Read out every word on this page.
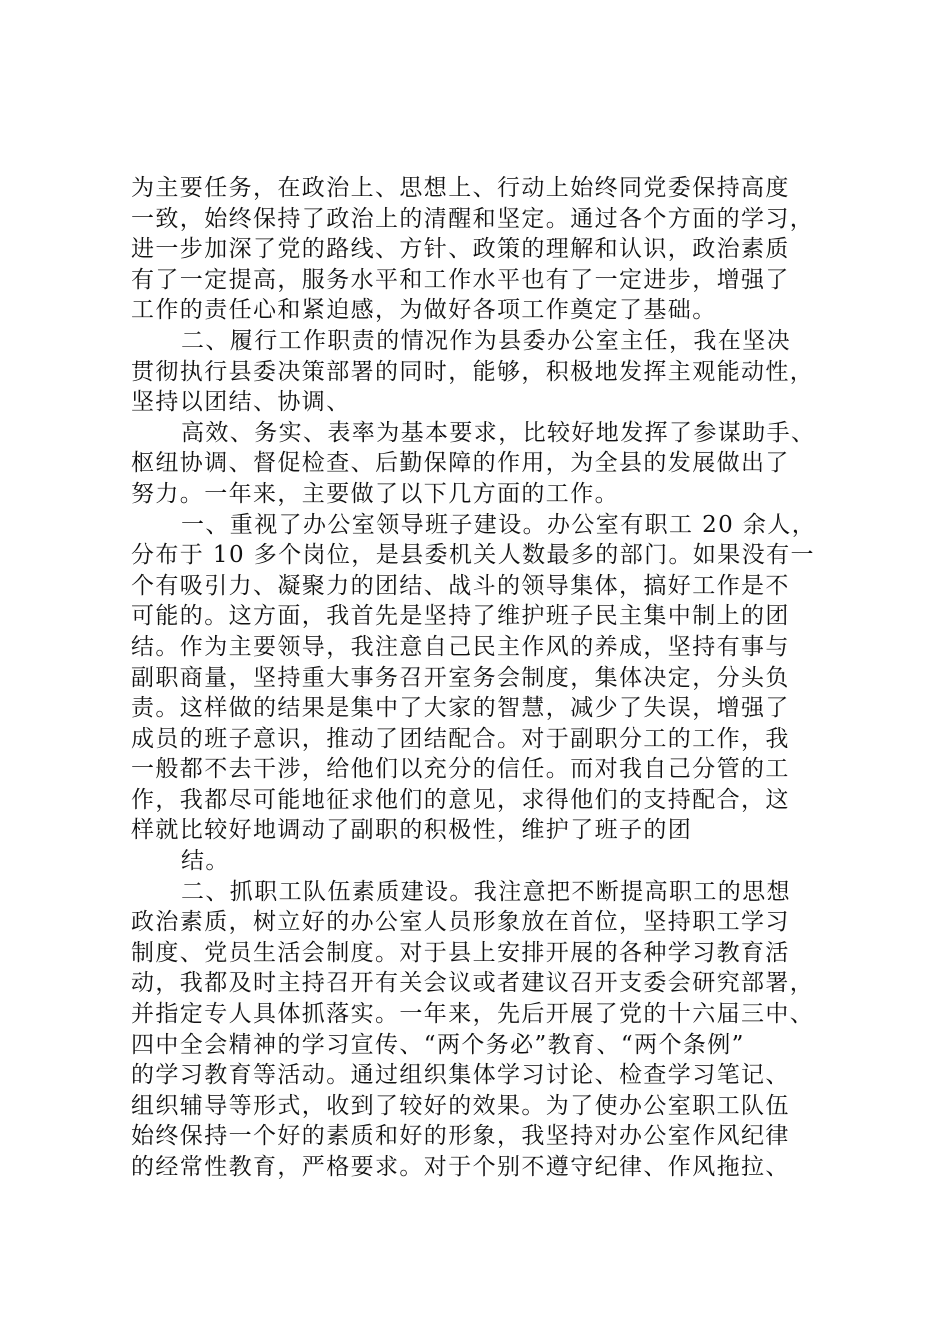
为主要任务，在政治上、思想上、行动上始终同党委保持高度
一致，始终保持了政治上的清醒和坚定。通过各个方面的学习，
进一步加深了党的路线、方针、政策的理解和认识，政治素质
有了一定提高，服务水平和工作水平也有了一定进步，增强了
工作的责任心和紧迫感，为做好各项工作奠定了基础。
二、履行工作职责的情况作为县委办公室主任，我在坚决
贯彻执行县委决策部署的同时，能够，积极地发挥主观能动性，
坚持以团结、协调、
高效、务实、表率为基本要求，比较好地发挥了参谋助手、
枢纽协调、督促检查、后勤保障的作用，为全县的发展做出了
努力。一年来，主要做了以下几方面的工作。
一、重视了办公室领导班子建设。办公室有职工 20 余人，
分布于 10 多个岗位，是县委机关人数最多的部门。如果没有一
个有吸引力、凝聚力的团结、战斗的领导集体，搞好工作是不
可能的。这方面，我首先是坚持了维护班子民主集中制上的团
结。作为主要领导，我注意自己民主作风的养成，坚持有事与
副职商量，坚持重大事务召开室务会制度，集体决定，分头负
责。这样做的结果是集中了大家的智慧，减少了失误，增强了
成员的班子意识，推动了团结配合。对于副职分工的工作，我
一般都不去干涉，给他们以充分的信任。而对我自己分管的工
作，我都尽可能地征求他们的意见，求得他们的支持配合，这
样就比较好地调动了副职的积极性，维护了班子的团
结。
二、抓职工队伍素质建设。我注意把不断提高职工的思想
政治素质，树立好的办公室人员形象放在首位，坚持职工学习
制度、党员生活会制度。对于县上安排开展的各种学习教育活
动，我都及时主持召开有关会议或者建议召开支委会研究部署，
并指定专人具体抓落实。一年来，先后开展了党的十六届三中、
四中全会精神的学习宣传、“两个务必”教育、“两个条例”
的学习教育等活动。通过组织集体学习讨论、检查学习笔记、
组织辅导等形式，收到了较好的效果。为了使办公室职工队伍
始终保持一个好的素质和好的形象，我坚持对办公室作风纪律
的经常性教育，严格要求。对于个别不遵守纪律、作风拖拉、
